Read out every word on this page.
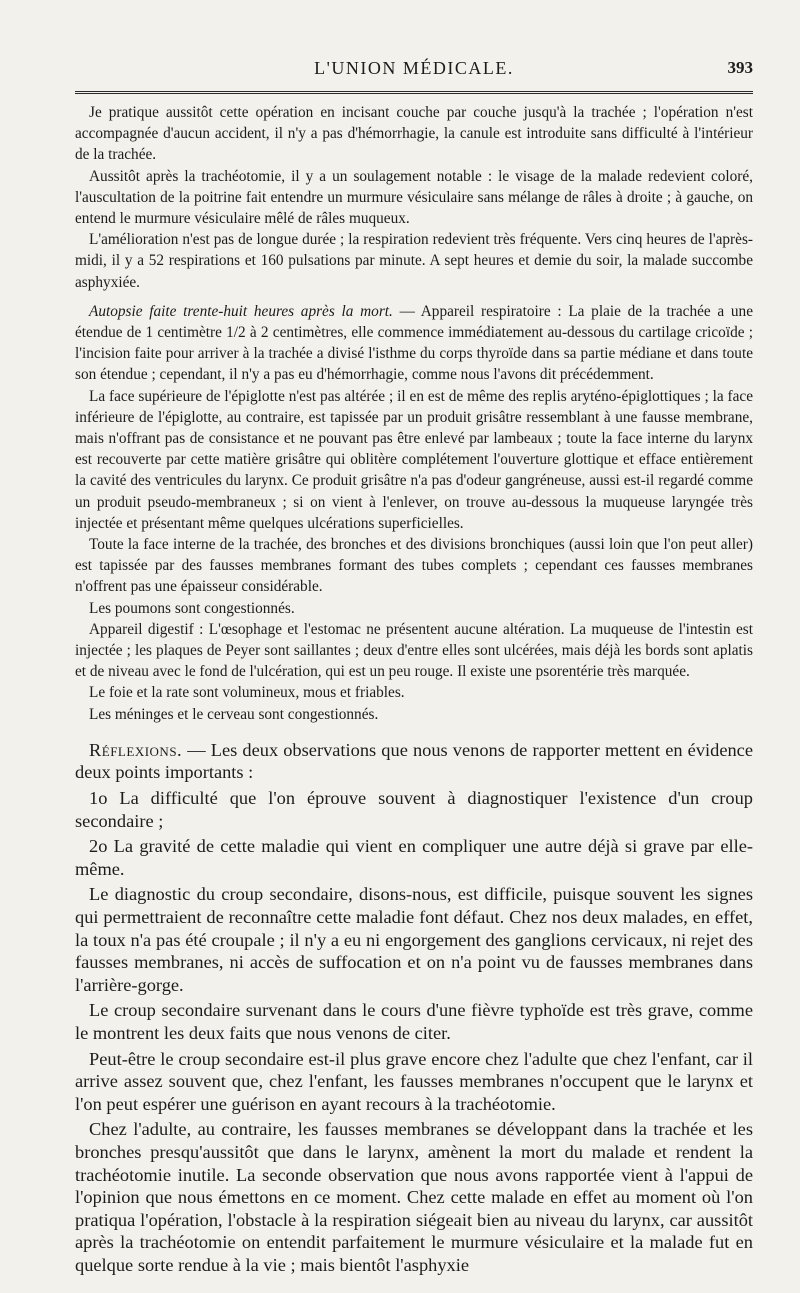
L'UNION MÉDICALE.	393

Je pratique aussitôt cette opération en incisant couche par couche jusqu'à la trachée ; l'opération n'est accompagnée d'aucun accident, il n'y a pas d'hémorrhagie, la canule est introduite sans difficulté à l'intérieur de la trachée.

Aussitôt après la trachéotomie, il y a un soulagement notable : le visage de la malade redevient coloré, l'auscultation de la poitrine fait entendre un murmure vésiculaire sans mélange de râles à droite ; à gauche, on entend le murmure vésiculaire mêlé de râles muqueux.

L'amélioration n'est pas de longue durée ; la respiration redevient très fréquente. Vers cinq heures de l'après-midi, il y a 52 respirations et 160 pulsations par minute. A sept heures et demie du soir, la malade succombe asphyxiée.

Autopsie faite trente-huit heures après la mort. — Appareil respiratoire : La plaie de la trachée a une étendue de 1 centimètre 1/2 à 2 centimètres, elle commence immédiatement au-dessous du cartilage cricoïde ; l'incision faite pour arriver à la trachée a divisé l'isthme du corps thyroïde dans sa partie médiane et dans toute son étendue ; cependant, il n'y a pas eu d'hémorrhagie, comme nous l'avons dit précédemment.

La face supérieure de l'épiglotte n'est pas altérée ; il en est de même des replis aryténo-épiglottiques ; la face inférieure de l'épiglotte, au contraire, est tapissée par un produit grisâtre ressemblant à une fausse membrane, mais n'offrant pas de consistance et ne pouvant pas être enlevé par lambeaux ; toute la face interne du larynx est recouverte par cette matière grisâtre qui oblitère complétement l'ouverture glottique et efface entièrement la cavité des ventricules du larynx. Ce produit grisâtre n'a pas d'odeur gangréneuse, aussi est-il regardé comme un produit pseudo-membraneux ; si on vient à l'enlever, on trouve au-dessous la muqueuse laryngée très injectée et présentant même quelques ulcérations superficielles.

Toute la face interne de la trachée, des bronches et des divisions bronchiques (aussi loin que l'on peut aller) est tapissée par des fausses membranes formant des tubes complets ; cependant ces fausses membranes n'offrent pas une épaisseur considérable.

Les poumons sont congestionnés.

Appareil digestif : L'œsophage et l'estomac ne présentent aucune altération. La muqueuse de l'intestin est injectée ; les plaques de Peyer sont saillantes ; deux d'entre elles sont ulcérées, mais déjà les bords sont aplatis et de niveau avec le fond de l'ulcération, qui est un peu rouge. Il existe une psorentérie très marquée.

Le foie et la rate sont volumineux, mous et friables.

Les méninges et le cerveau sont congestionnés.

Réflexions. — Les deux observations que nous venons de rapporter mettent en évidence deux points importants :

1o La difficulté que l'on éprouve souvent à diagnostiquer l'existence d'un croup secondaire ;

2o La gravité de cette maladie qui vient en compliquer une autre déjà si grave par elle-même.

Le diagnostic du croup secondaire, disons-nous, est difficile, puisque souvent les signes qui permettraient de reconnaître cette maladie font défaut. Chez nos deux malades, en effet, la toux n'a pas été croupale ; il n'y a eu ni engorgement des ganglions cervicaux, ni rejet des fausses membranes, ni accès de suffocation et on n'a point vu de fausses membranes dans l'arrière-gorge.

Le croup secondaire survenant dans le cours d'une fièvre typhoïde est très grave, comme le montrent les deux faits que nous venons de citer.

Peut-être le croup secondaire est-il plus grave encore chez l'adulte que chez l'enfant, car il arrive assez souvent que, chez l'enfant, les fausses membranes n'occupent que le larynx et l'on peut espérer une guérison en ayant recours à la trachéotomie.

Chez l'adulte, au contraire, les fausses membranes se développant dans la trachée et les bronches presqu'aussitôt que dans le larynx, amènent la mort du malade et rendent la trachéotomie inutile. La seconde observation que nous avons rapportée vient à l'appui de l'opinion que nous émettons en ce moment. Chez cette malade en effet au moment où l'on pratiqua l'opération, l'obstacle à la respiration siégeait bien au niveau du larynx, car aussitôt après la trachéotomie on entendit parfaitement le murmure vésiculaire et la malade fut en quelque sorte rendue à la vie ; mais bientôt l'asphyxie
